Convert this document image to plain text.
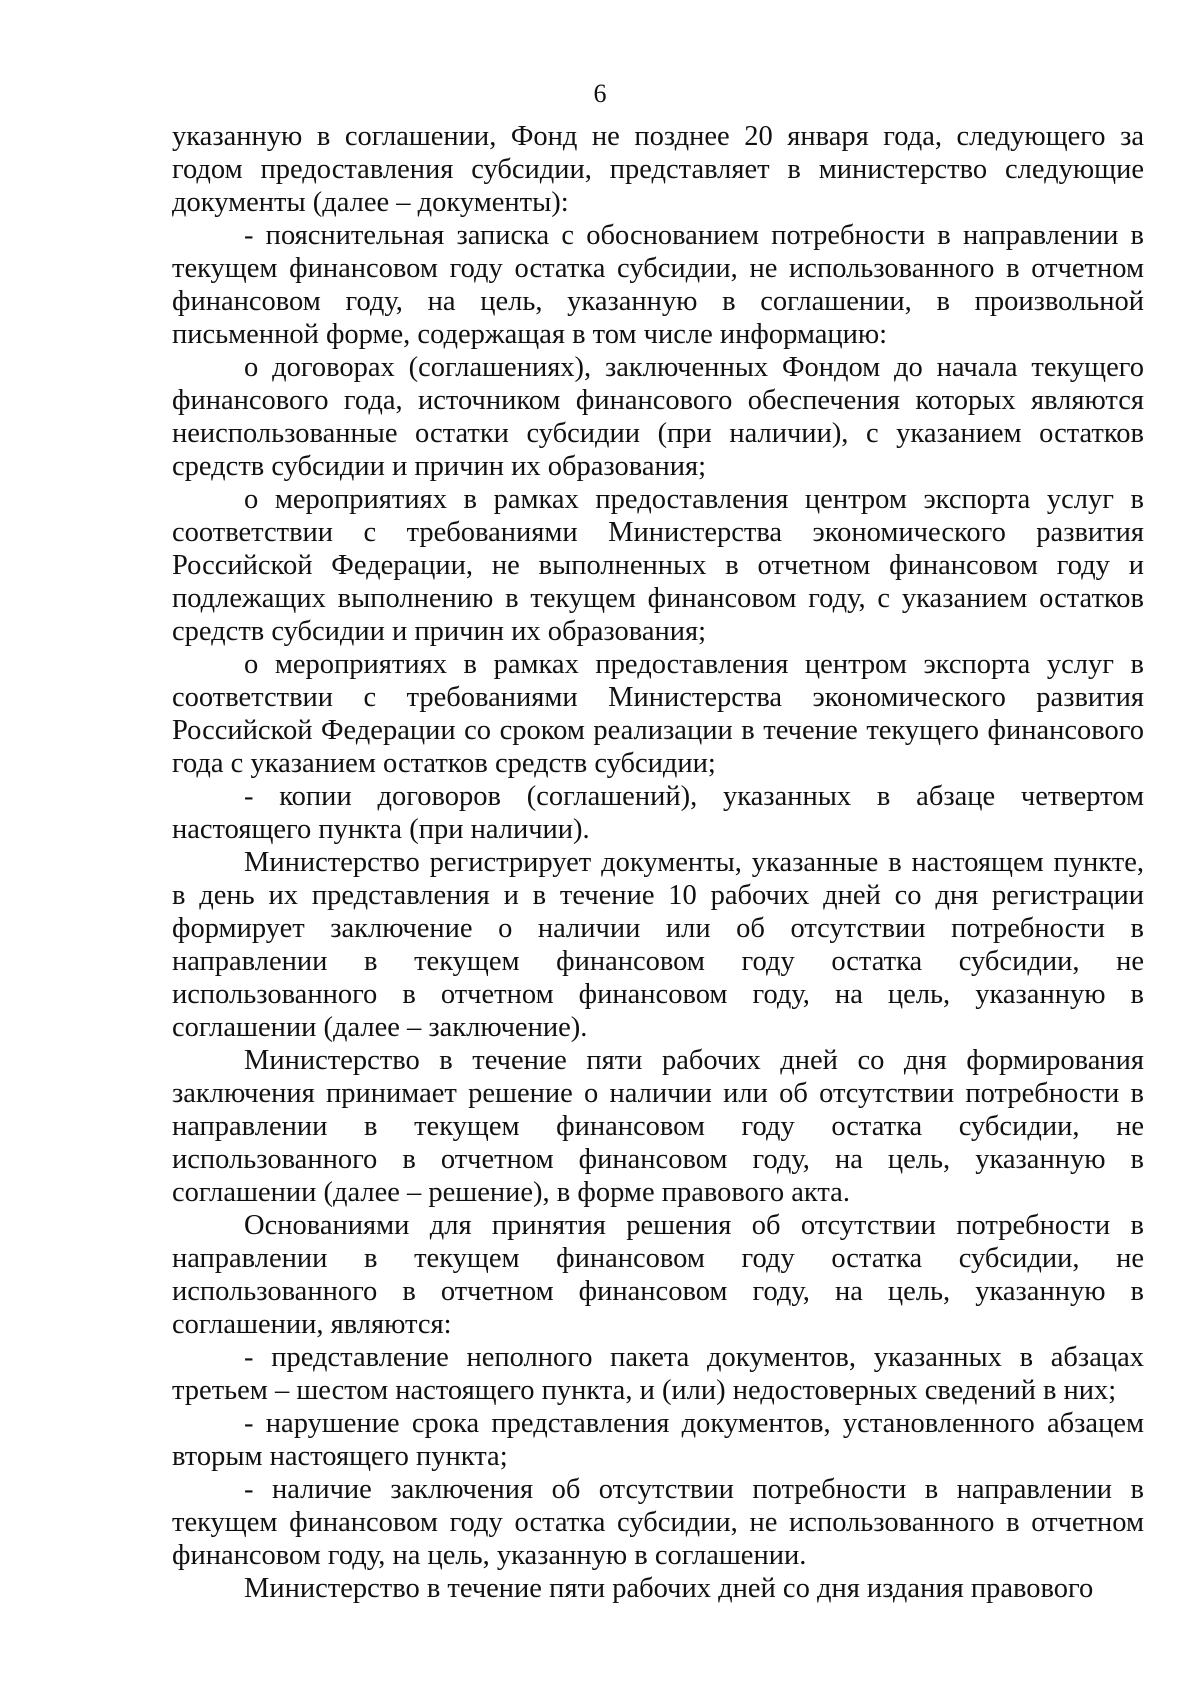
6

указанную в соглашении, Фонд не позднее 20 января года, следующего за годом предоставления субсидии, представляет в министерство следующие документы (далее – документы):

- пояснительная записка с обоснованием потребности в направлении в текущем финансовом году остатка субсидии, не использованного в отчетном финансовом году, на цель, указанную в соглашении, в произвольной письменной форме, содержащая в том числе информацию:

о договорах (соглашениях), заключенных Фондом до начала текущего финансового года, источником финансового обеспечения которых являются неиспользованные остатки субсидии (при наличии), с указанием остатков средств субсидии и причин их образования;

о мероприятиях в рамках предоставления центром экспорта услуг в соответствии с требованиями Министерства экономического развития Российской Федерации, не выполненных в отчетном финансовом году и подлежащих выполнению в текущем финансовом году, с указанием остатков средств субсидии и причин их образования;

о мероприятиях в рамках предоставления центром экспорта услуг в соответствии с требованиями Министерства экономического развития Российской Федерации со сроком реализации в течение текущего финансового года с указанием остатков средств субсидии;

- копии договоров (соглашений), указанных в абзаце четвертом настоящего пункта (при наличии).

Министерство регистрирует документы, указанные в настоящем пункте, в день их представления и в течение 10 рабочих дней со дня регистрации формирует заключение о наличии или об отсутствии потребности в направлении в текущем финансовом году остатка субсидии, не использованного в отчетном финансовом году, на цель, указанную в соглашении (далее – заключение).

Министерство в течение пяти рабочих дней со дня формирования заключения принимает решение о наличии или об отсутствии потребности в направлении в текущем финансовом году остатка субсидии, не использованного в отчетном финансовом году, на цель, указанную в соглашении (далее – решение), в форме правового акта.

Основаниями для принятия решения об отсутствии потребности в направлении в текущем финансовом году остатка субсидии, не использованного в отчетном финансовом году, на цель, указанную в соглашении, являются:

- представление неполного пакета документов, указанных в абзацах третьем – шестом настоящего пункта, и (или) недостоверных сведений в них;

- нарушение срока представления документов, установленного абзацем вторым настоящего пункта;

- наличие заключения об отсутствии потребности в направлении в текущем финансовом году остатка субсидии, не использованного в отчетном финансовом году, на цель, указанную в соглашении.

Министерство в течение пяти рабочих дней со дня издания правового
